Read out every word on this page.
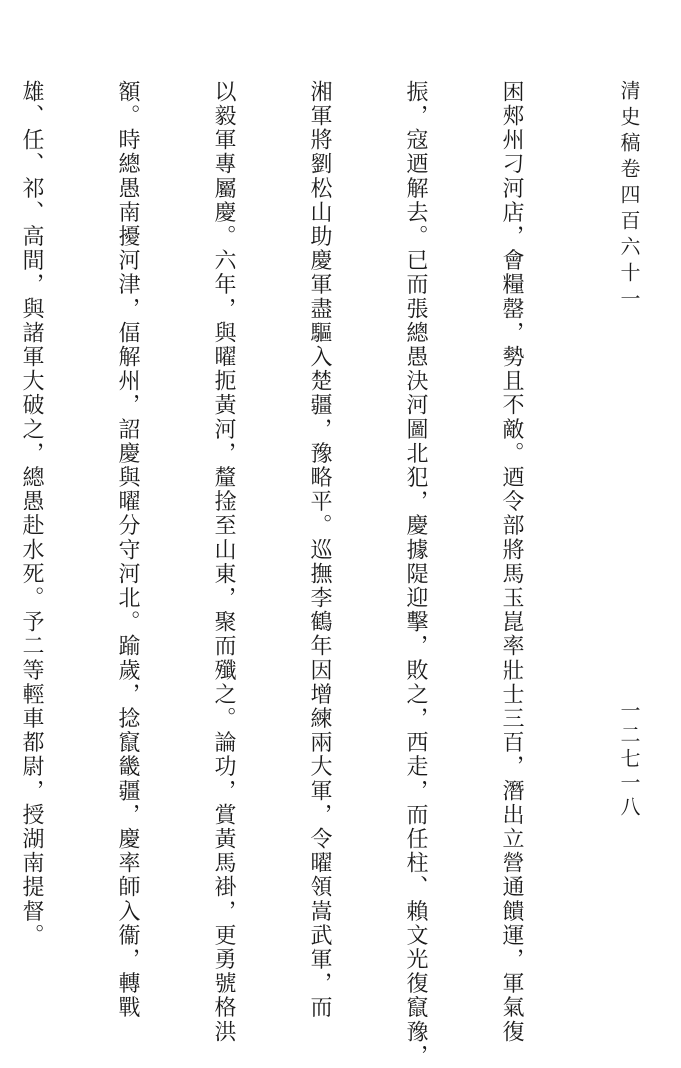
清史稿卷四百六十一
一二七一八

困郟州刁河店，會糧罄，勢且不敵。迺令部將馬玉崑率壯士三百，潛出立營通饋運，軍氣復

振，寇迺解去。已而張總愚決河圖北犯，慶據隄迎擊，敗之，西走，而任柱、賴文光復竄豫，

湘軍將劉松山助慶軍盡驅入楚疆，豫略平。巡撫李鶴年因增練兩大軍，令曜領嵩武軍，而

以毅軍專屬慶。六年，與曜扼黃河，釐捦至山東，聚而殲之。論功，賞黃馬褂，更勇號格洪

額。時總愚南擾河津，偪解州，詔慶與曜分守河北。踰歲，捻竄畿疆，慶率師入衞，轉戰

雄、任、祁、高間，與諸軍大破之，總愚赴水死。予二等輕車都尉，授湖南提督。
